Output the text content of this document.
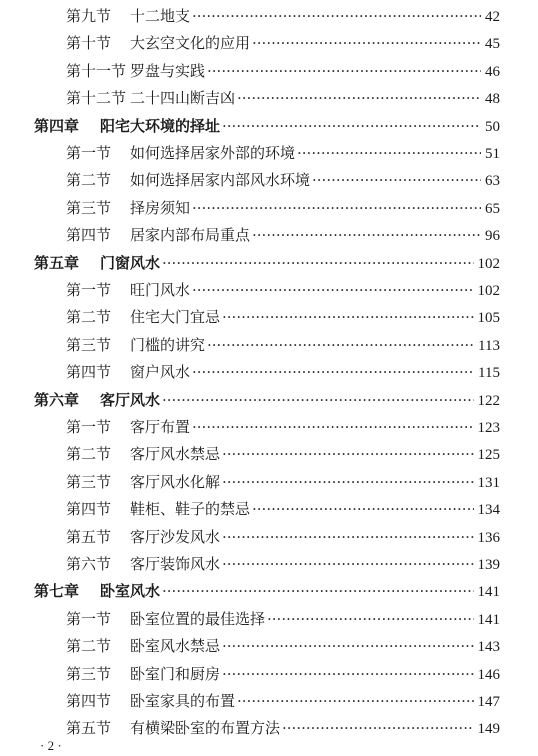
第九节	十二地支 ·····	42
第十节	大玄空文化的应用 ·····	45
第十一节 罗盘与实践 ·····	46
第十二节 二十四山断吉凶 ·····	48
第四章	阳宅大环境的择址 ·····	50
第一节	如何选择居家外部的环境 ·····	51
第二节	如何选择居家内部风水环境 ·····	63
第三节	择房须知 ·····	65
第四节	居家内部布局重点 ·····	96
第五章	门窗风水 ·····	102
第一节	旺门风水 ·····	102
第二节	住宅大门宜忌 ·····	105
第三节	门槛的讲究 ·····	113
第四节	窗户风水 ·····	115
第六章	客厅风水 ·····	122
第一节	客厅布置 ·····	123
第二节	客厅风水禁忌 ·····	125
第三节	客厅风水化解 ·····	131
第四节	鞋柜、鞋子的禁忌 ·····	134
第五节	客厅沙发风水 ·····	136
第六节	客厅装饰风水 ·····	139
第七章	卧室风水 ·····	141
第一节	卧室位置的最佳选择 ·····	141
第二节	卧室风水禁忌 ·····	143
第三节	卧室门和厨房 ·····	146
第四节	卧室家具的布置 ·····	147
第五节	有横梁卧室的布置方法 ·····	149
· 2 ·
